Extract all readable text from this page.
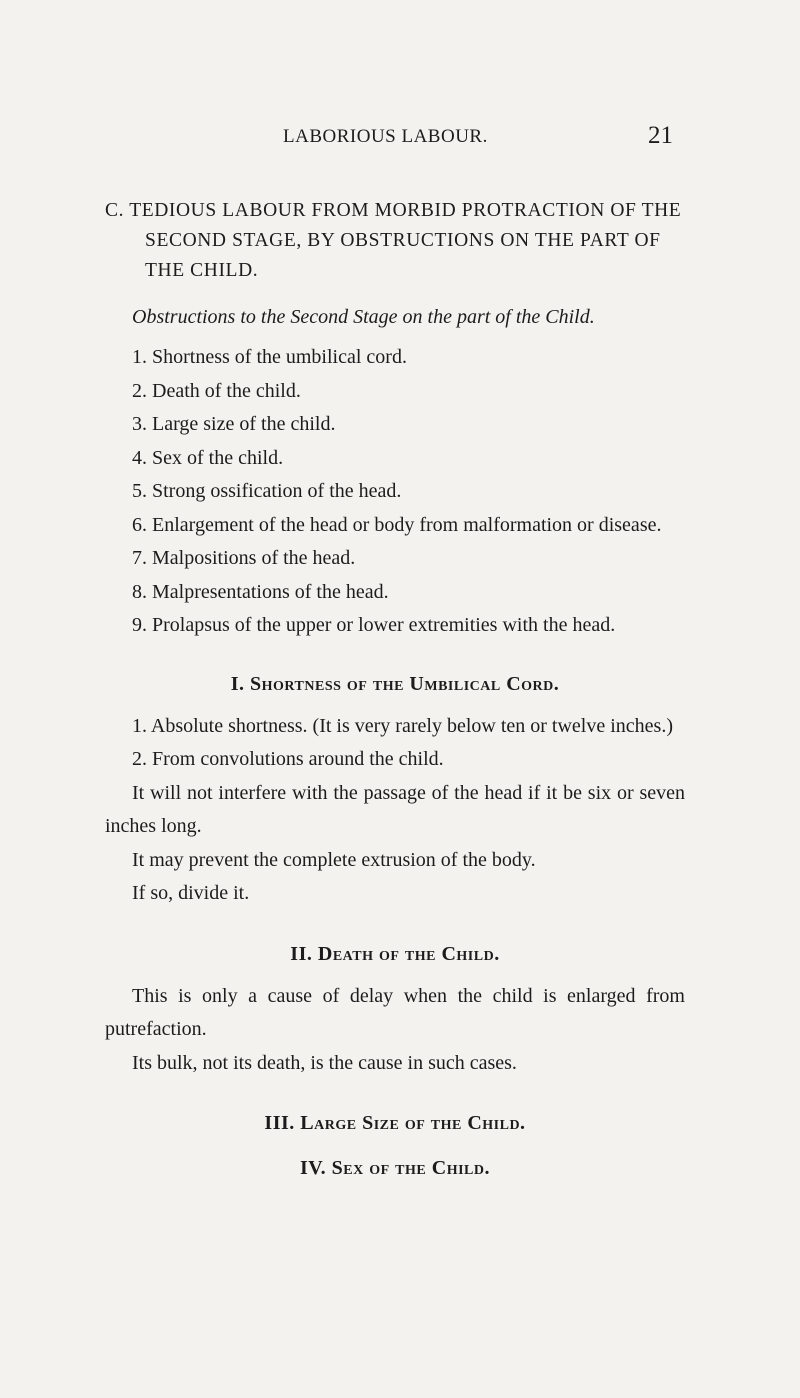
LABORIOUS LABOUR.	21

C. TEDIOUS LABOUR FROM MORBID PROTRACTION OF THE SECOND STAGE, BY OBSTRUCTIONS ON THE PART OF THE CHILD.

Obstructions to the Second Stage on the part of the Child.

1. Shortness of the umbilical cord.

2. Death of the child.

3. Large size of the child.

4. Sex of the child.

5. Strong ossification of the head.

6. Enlargement of the head or body from malformation or disease.

7. Malpositions of the head.

8. Malpresentations of the head.

9. Prolapsus of the upper or lower extremities with the head.

I. Shortness of the Umbilical Cord.

1. Absolute shortness. (It is very rarely below ten or twelve inches.)

2. From convolutions around the child.

It will not interfere with the passage of the head if it be six or seven inches long.

It may prevent the complete extrusion of the body.

If so, divide it.

II. Death of the Child.

This is only a cause of delay when the child is enlarged from putrefaction.

Its bulk, not its death, is the cause in such cases.

III. Large Size of the Child.
IV. Sex of the Child.
